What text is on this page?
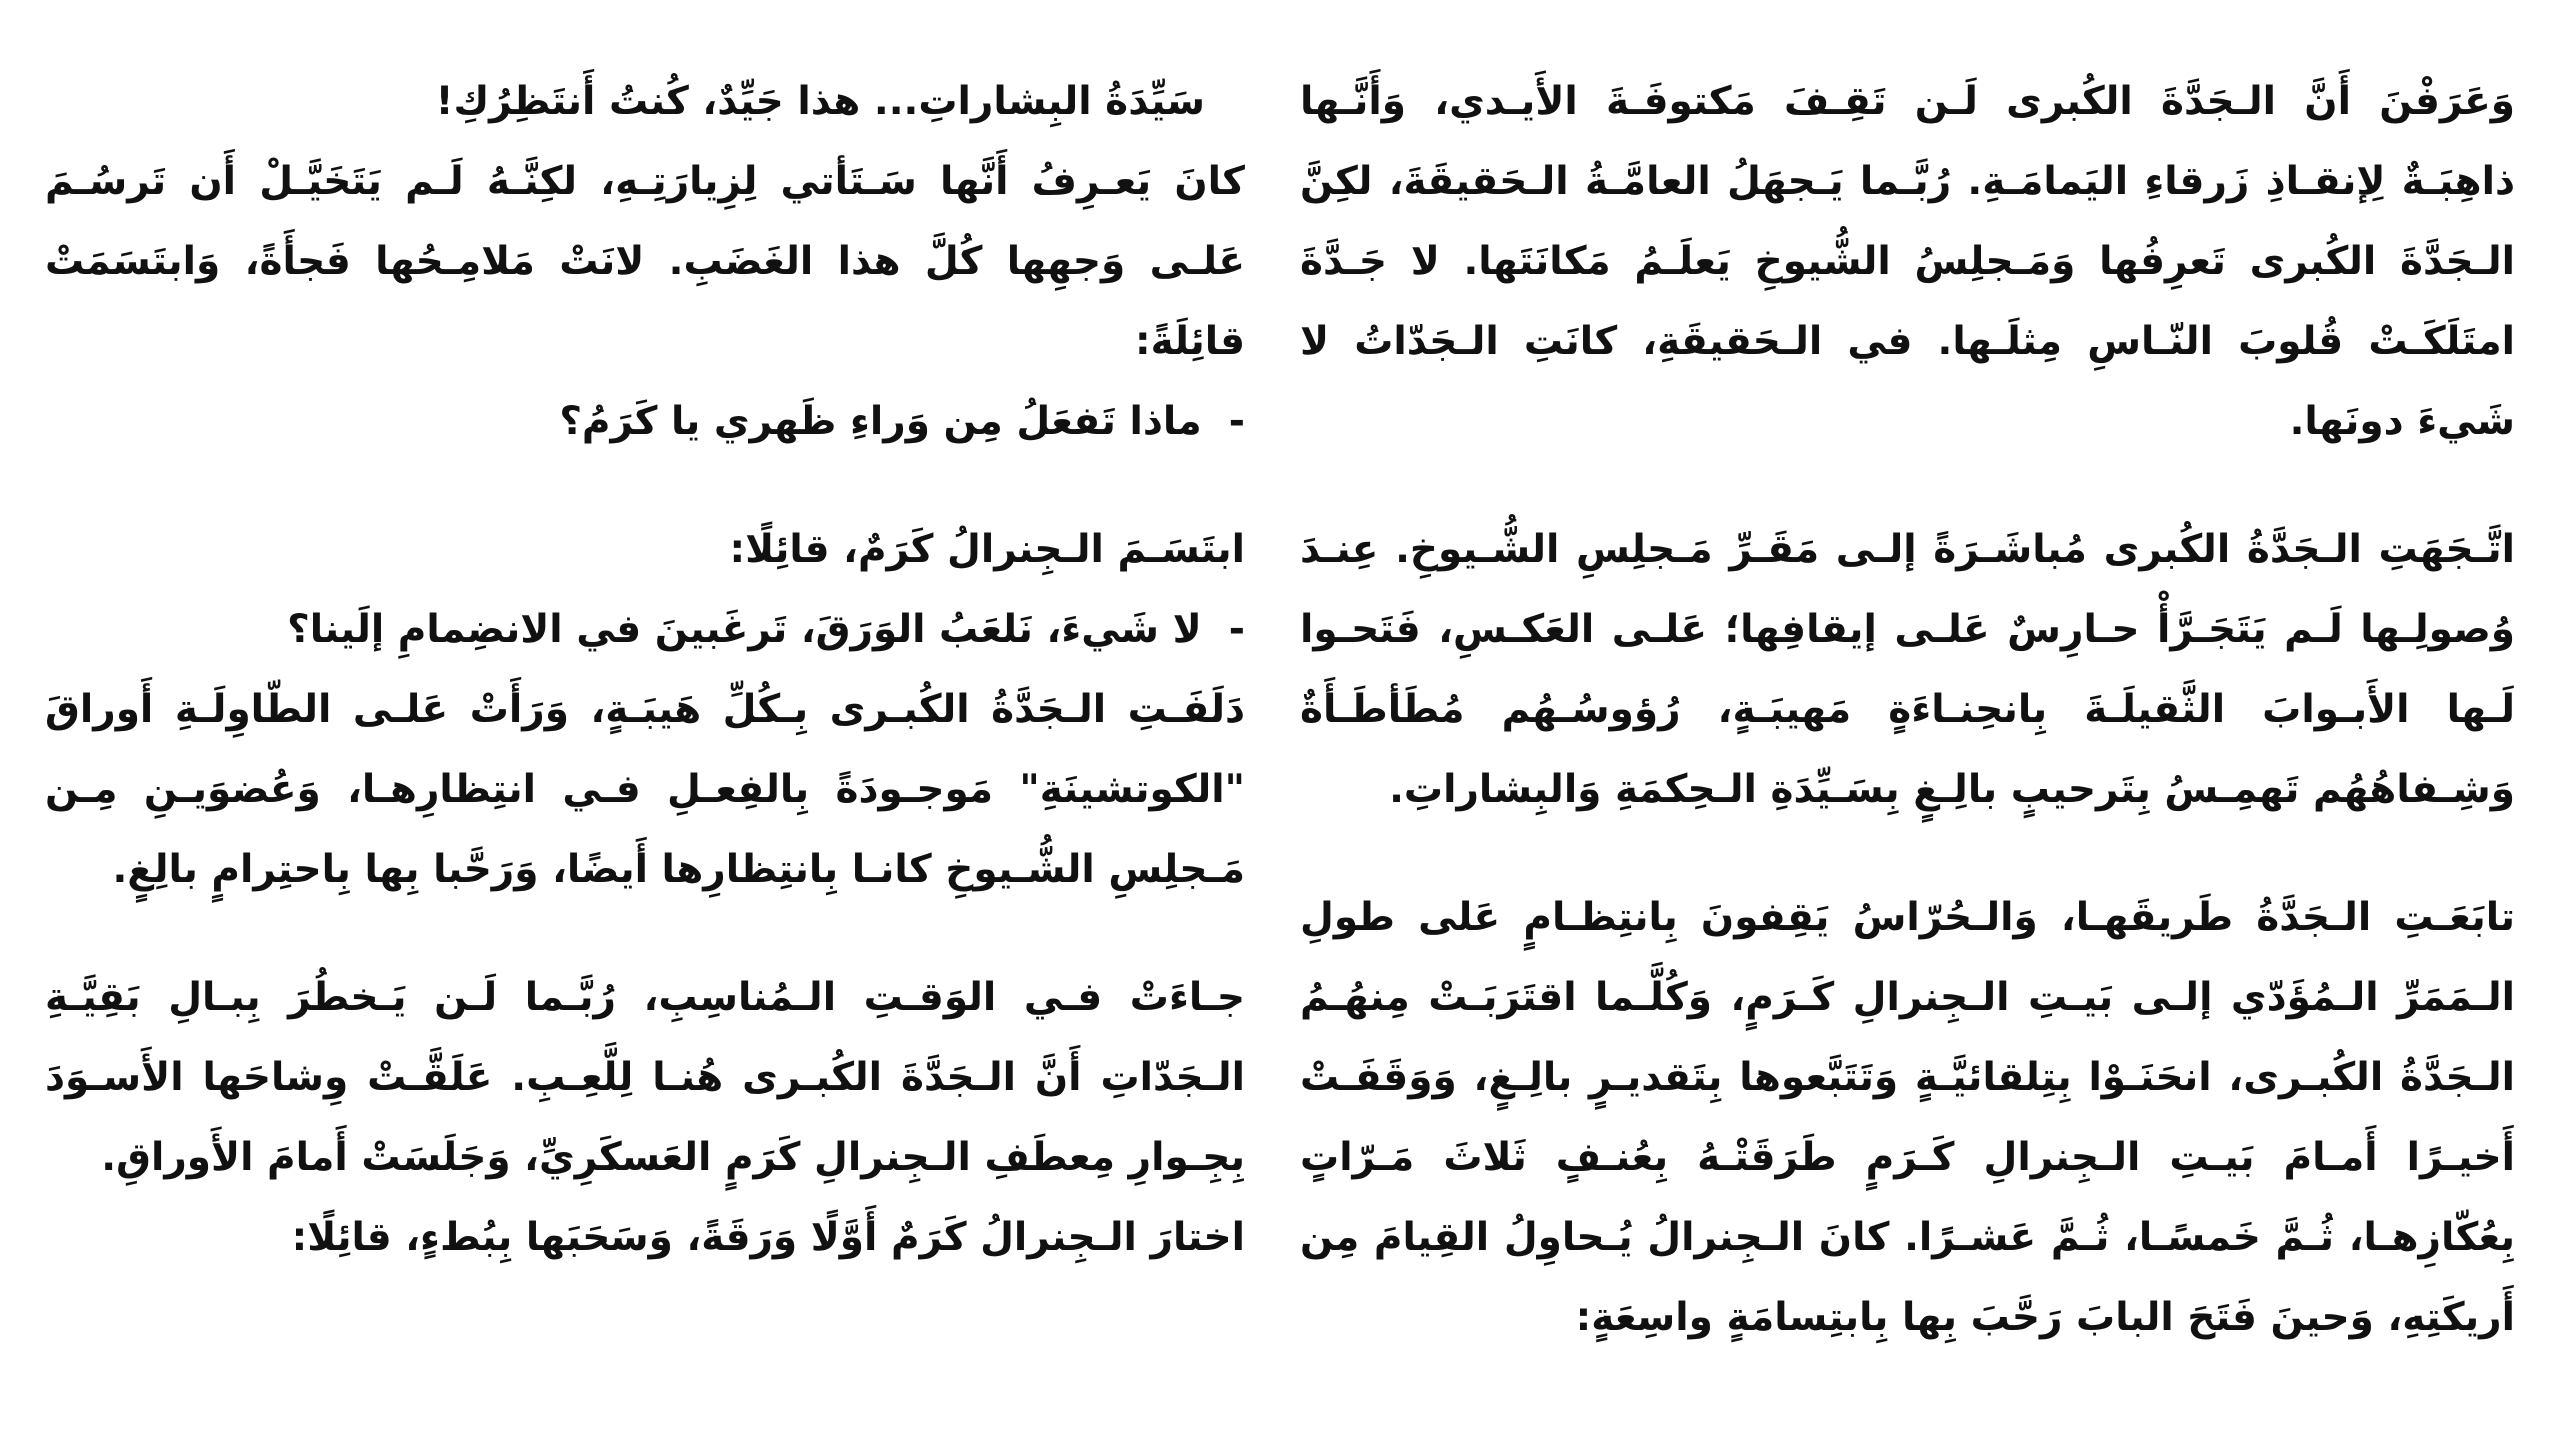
سَيِّدَةُ البِشاراتِ... هذا جَيِّدٌ، كُنتُ أَنتَظِرُكِ!

كانَ يَعـرِفُ أَنَّها سَـتَأتي لِزِيارَتِـهِ، لكِنَّـهُ لَـم يَتَخَيَّـلْ أَن تَرسُـمَ عَلـى وَجهِها كُلَّ هذا الغَضَبِ. لانَتْ مَلامِـحُها فَجأَةً، وَابتَسَمَتْ قائِلَةً:

-  ماذا تَفعَلُ مِن وَراءِ ظَهري يا كَرَمُ؟

ابتَسَـمَ الـجِنرالُ كَرَمٌ، قائِلًا:

-  لا شَيءَ، نَلعَبُ الوَرَقَ، تَرغَبينَ في الانضِمامِ إلَينا؟

دَلَفَـتِ الـجَدَّةُ الكُبـرى بِـكُلِّ هَيبَـةٍ، وَرَأَتْ عَلـى الطّاوِلَـةِ أَوراقَ "الكوتشينَةِ" مَوجـودَةً بِالفِعـلِ فـي انتِظارِهـا، وَعُضوَيـنِ مِـن مَـجلِسِ الشُّـيوخِ كانـا بِانتِظارِها أَيضًا، وَرَحَّبا بِها بِاحتِرامٍ بالِغٍ.

جـاءَتْ فـي الوَقـتِ الـمُناسِبِ، رُبَّـما لَـن يَـخطُرَ بِبـالِ بَقِيَّـةِ الـجَدّاتِ أَنَّ الـجَدَّةَ الكُبـرى هُنـا لِلَّعِـبِ. عَلَقَّـتْ وِشاحَها الأَسـوَدَ بِجِـوارِ مِعطَفِ الـجِنرالِ كَرَمٍ العَسكَرِيِّ، وَجَلَسَتْ أَمامَ الأَوراقِ.

اختارَ الـجِنرالُ كَرَمٌ أَوَّلًا وَرَقَةً، وَسَحَبَها بِبُطءٍ، قائِلًا:

وَعَرَفْنَ أَنَّ الـجَدَّةَ الكُبرى لَـن تَقِـفَ مَكتوفَـةَ الأَيـدي، وَأَنَّـها ذاهِبَـةٌ لِإنقـاذِ زَرقاءِ اليَمامَـةِ. رُبَّـما يَـجهَلُ العامَّـةُ الـحَقيقَةَ، لكِنَّ الـجَدَّةَ الكُبرى تَعرِفُها وَمَـجلِسُ الشُّيوخِ يَعلَـمُ مَكانَتَها. لا جَـدَّةَ امتَلَكَـتْ قُلوبَ النّـاسِ مِثلَـها. في الـحَقيقَةِ، كانَتِ الـجَدّاتُ لا شَيءَ دونَها.

اتَّـجَهَتِ الـجَدَّةُ الكُبرى مُباشَـرَةً إلـى مَقَـرِّ مَـجلِسِ الشُّـيوخِ. عِنـدَ وُصولِـها لَـم يَتَجَـرَّأْ حـارِسٌ عَلـى إيقافِها؛ عَلـى العَكـسِ، فَتَحـوا لَـها الأَبـوابَ الثَّقيلَـةَ بِانحِنـاءَةٍ مَهيبَـةٍ، رُؤوسُـهُم مُطَأطَـأَةٌ وَشِـفاهُهُم تَهمِـسُ بِتَرحيبٍ بالِـغٍ بِسَـيِّدَةِ الـحِكمَةِ وَالبِشاراتِ.

تابَعَـتِ الـجَدَّةُ طَريقَهـا، وَالـحُرّاسُ يَقِفونَ بِانتِظـامٍ عَلى طولِ الـمَمَرِّ الـمُؤَدّي إلـى بَيـتِ الـجِنرالِ كَـرَمٍ، وَكُلَّـما اقتَرَبَـتْ مِنهُـمُ الـجَدَّةُ الكُبـرى، انحَنَـوْا بِتِلقائيَّـةٍ وَتَتَبَّعوها بِتَقديـرٍ بالِـغٍ، وَوَقَفَـتْ أَخيـرًا أَمـامَ بَيـتِ الـجِنرالِ كَـرَمٍ طَرَقَتْـهُ بِعُنـفٍ ثَلاثَ مَـرّاتٍ بِعُكّازِهـا، ثُـمَّ خَمسًـا، ثُـمَّ عَشـرًا. كانَ الـجِنرالُ يُـحاوِلُ القِيامَ مِن أَريكَتِهِ، وَحينَ فَتَحَ البابَ رَحَّبَ بِها بِابتِسامَةٍ واسِعَةٍ:
